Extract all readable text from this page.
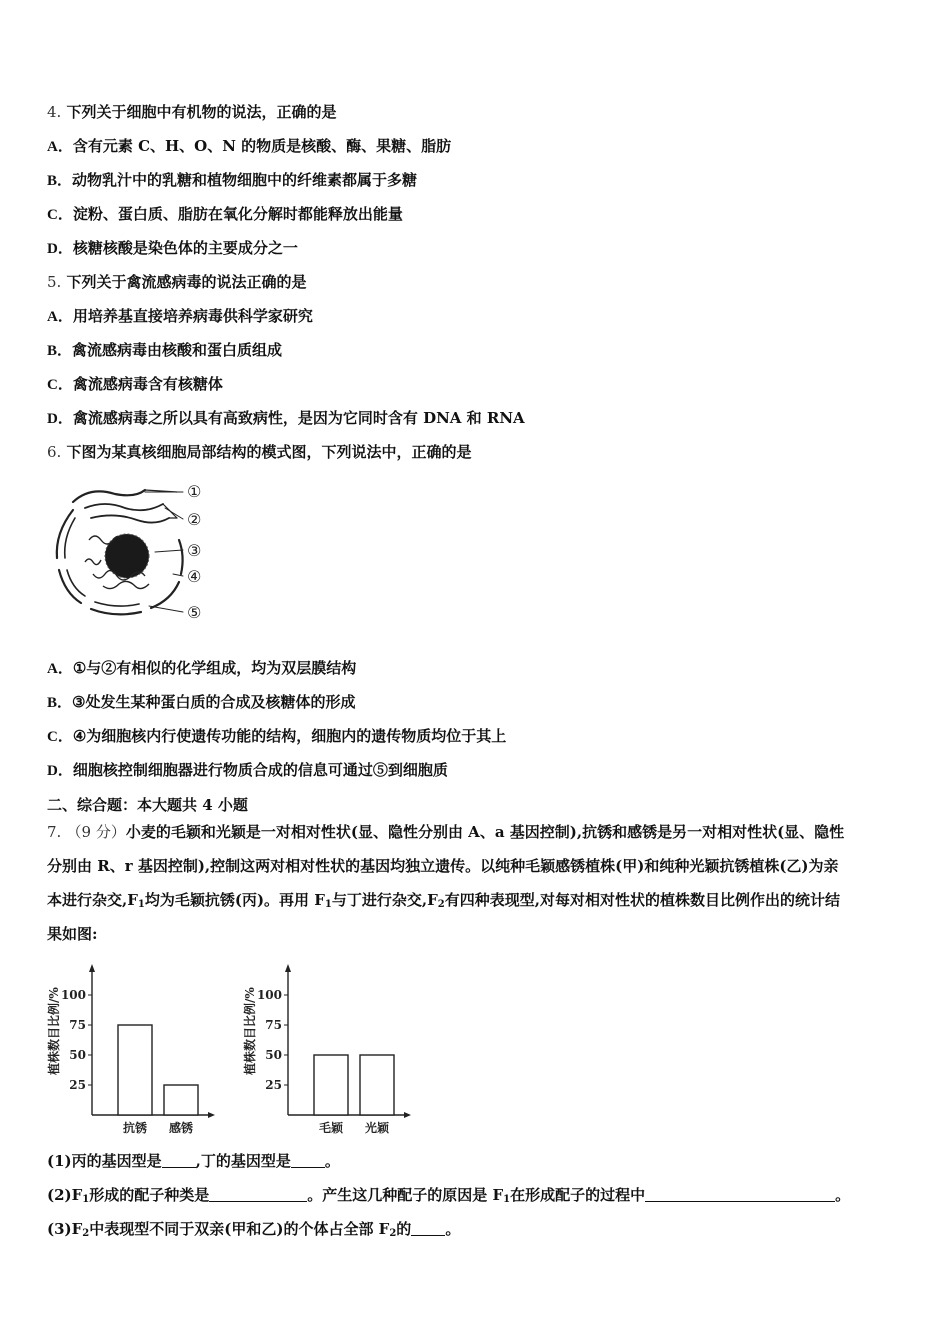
4. 下列关于细胞中有机物的说法，正确的是
A．含有元素 C、H、O、N 的物质是核酸、酶、果糖、脂肪
B．动物乳汁中的乳糖和植物细胞中的纤维素都属于多糖
C．淀粉、蛋白质、脂肪在氧化分解时都能释放出能量
D．核糖核酸是染色体的主要成分之一
5. 下列关于禽流感病毒的说法正确的是
A．用培养基直接培养病毒供科学家研究
B．禽流感病毒由核酸和蛋白质组成
C．禽流感病毒含有核糖体
D．禽流感病毒之所以具有高致病性，是因为它同时含有 DNA 和 RNA
6. 下图为某真核细胞局部结构的模式图，下列说法中，正确的是
①
②
③
④
⑤
A．①与②有相似的化学组成，均为双层膜结构
B．③处发生某种蛋白质的合成及核糖体的形成
C．④为细胞核内行使遗传功能的结构，细胞内的遗传物质均位于其上
D．细胞核控制细胞器进行物质合成的信息可通过⑤到细胞质
二、综合题：本大题共 4 小题
7. （9 分）小麦的毛颖和光颖是一对相对性状(显、隐性分别由 A、a 基因控制),抗锈和感锈是另一对相对性状(显、隐性
分别由 R、r 基因控制),控制这两对相对性状的基因均独立遗传。以纯种毛颖感锈植株(甲)和纯种光颖抗锈植株(乙)为亲
本进行杂交$,F_1$均为毛颖抗锈(丙)。再用 $F_1$与丁进行杂交$,F_2$有四种表现型,对每对相对性状的植株数目比例作出的统计结
果如图:
25
50
75
100
植株数目比例/%
抗锈 感锈
25
50
75
100
植株数目比例/%
毛颖 光颖
(1)丙的基因型是 ,丁的基因型是 。
$(2)F_1$形成的配子种类是	。产生这几种配子的原因是 $F_1$在形成配子的过程中	。
$(3)F_2$中表现型不同于双亲(甲和乙)的个体占全部 $F_2$的 。
